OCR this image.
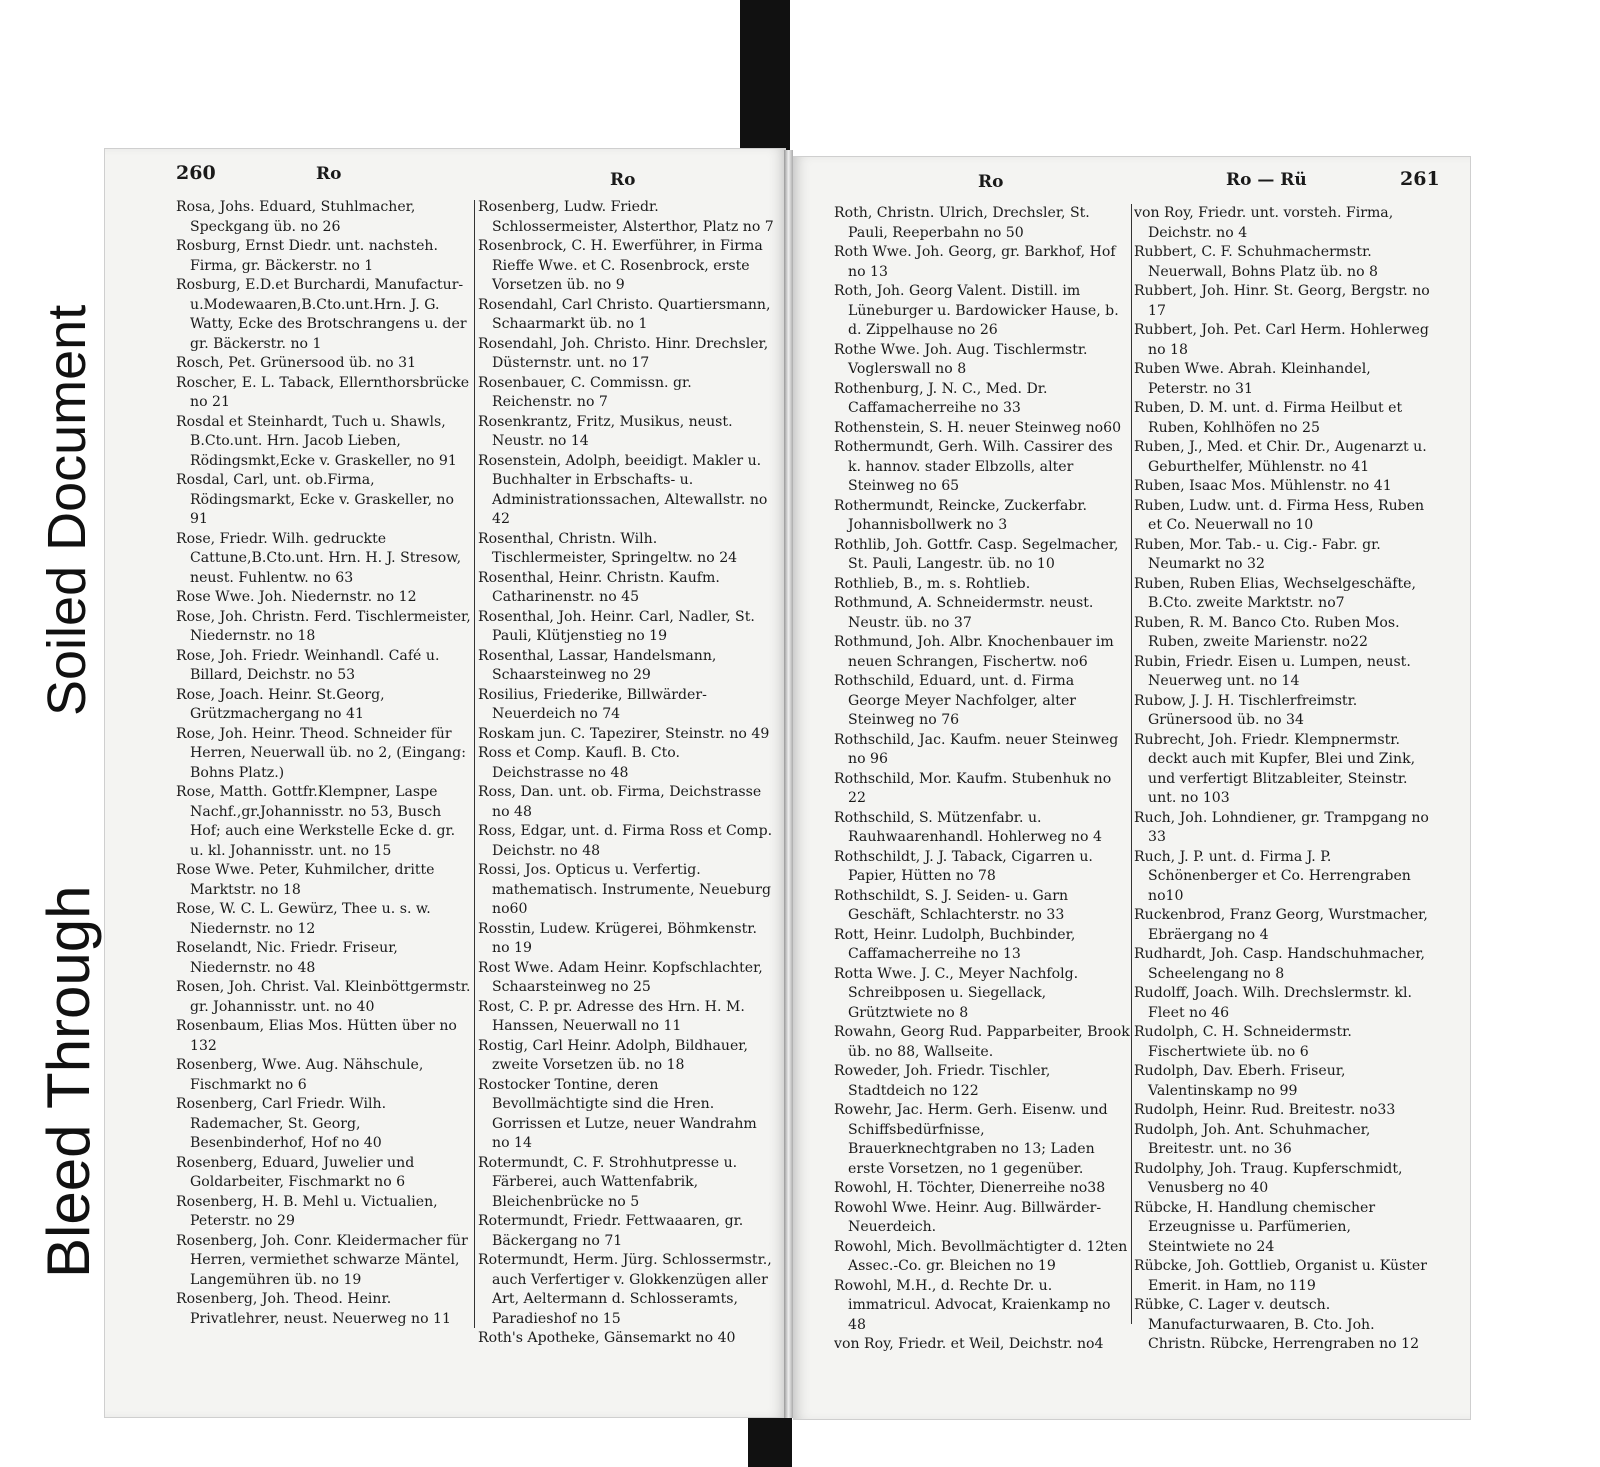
Soiled Document
Bleed Through
260	Ro	Ro
Rosa, Johs. Eduard, Stuhlmacher, Speckgang üb. no 26
Rosburg, Ernst Diedr. unt. nachsteh. Firma, gr. Bäckerstr. no 1
Rosburg, E.D.et Burchardi, Manufactur-u.Modewaaren,B.Cto.unt.Hrn. J. G. Watty, Ecke des Brotschrangens u. der gr. Bäckerstr. no 1
Rosch, Pet. Grünersood üb. no 31
Roscher, E. L. Taback, Ellernthorsbrücke no 21
Rosdal et Steinhardt, Tuch u. Shawls, B.Cto.unt. Hrn. Jacob Lieben, Rödingsmkt,Ecke v. Graskeller, no 91
Rosdal, Carl, unt. ob.Firma, Rödingsmarkt, Ecke v. Graskeller, no 91
Rose, Friedr. Wilh. gedruckte Cattune,B.Cto.unt. Hrn. H. J. Stresow, neust. Fuhlentw. no 63
Rose Wwe. Joh. Niedernstr. no 12
Rose, Joh. Christn. Ferd. Tischlermeister, Niedernstr. no 18
Rose, Joh. Friedr. Weinhandl. Café u. Billard, Deichstr. no 53
Rose, Joach. Heinr. St.Georg, Grützmachergang no 41
Rose, Joh. Heinr. Theod. Schneider für Herren, Neuerwall üb. no 2, (Eingang: Bohns Platz.)
Rose, Matth. Gottfr.Klempner, Laspe Nachf.,gr.Johannisstr. no 53, Busch Hof; auch eine Werkstelle Ecke d. gr. u. kl. Johannisstr. unt. no 15
Rose Wwe. Peter, Kuhmilcher, dritte Marktstr. no 18
Rose, W. C. L. Gewürz, Thee u. s. w. Niedernstr. no 12
Roselandt, Nic. Friedr. Friseur, Niedernstr. no 48
Rosen, Joh. Christ. Val. Kleinböttgermstr. gr. Johannisstr. unt. no 40
Rosenbaum, Elias Mos. Hütten über no 132
Rosenberg, Wwe. Aug. Nähschule, Fischmarkt no 6
Rosenberg, Carl Friedr. Wilh. Rademacher, St. Georg, Besenbinderhof, Hof no 40
Rosenberg, Eduard, Juwelier und Goldarbeiter, Fischmarkt no 6
Rosenberg, H. B. Mehl u. Victualien, Peterstr. no 29
Rosenberg, Joh. Conr. Kleidermacher für Herren, vermiethet schwarze Mäntel, Langemühren üb. no 19
Rosenberg, Joh. Theod. Heinr. Privatlehrer, neust. Neuerweg no 11
Rosenberg, Ludw. Friedr. Schlossermeister, Alsterthor, Platz no 7
Rosenbrock, C. H. Ewerführer, in Firma Rieffe Wwe. et C. Rosenbrock, erste Vorsetzen üb. no 9
Rosendahl, Carl Christo. Quartiersmann, Schaarmarkt üb. no 1
Rosendahl, Joh. Christo. Hinr. Drechsler, Düsternstr. unt. no 17
Rosenbauer, C. Commissn. gr. Reichenstr. no 7
Rosenkrantz, Fritz, Musikus, neust. Neustr. no 14
Rosenstein, Adolph, beeidigt. Makler u. Buchhalter in Erbschafts- u. Administrationssachen, Altewallstr. no 42
Rosenthal, Christn. Wilh. Tischlermeister, Springeltw. no 24
Rosenthal, Heinr. Christn. Kaufm. Catharinenstr. no 45
Rosenthal, Joh. Heinr. Carl, Nadler, St. Pauli, Klütjenstieg no 19
Rosenthal, Lassar, Handelsmann, Schaarsteinweg no 29
Rosilius, Friederike, Billwärder-Neuerdeich no 74
Roskam jun. C. Tapezirer, Steinstr. no 49
Ross et Comp. Kaufl. B. Cto. Deichstrasse no 48
Ross, Dan. unt. ob. Firma, Deichstrasse no 48
Ross, Edgar, unt. d. Firma Ross et Comp. Deichstr. no 48
Rossi, Jos. Opticus u. Verfertig. mathematisch. Instrumente, Neueburg no60
Rosstin, Ludew. Krügerei, Böhmkenstr. no 19
Rost Wwe. Adam Heinr. Kopfschlachter, Schaarsteinweg no 25
Rost, C. P. pr. Adresse des Hrn. H. M. Hanssen, Neuerwall no 11
Rostig, Carl Heinr. Adolph, Bildhauer, zweite Vorsetzen üb. no 18
Rostocker Tontine, deren Bevollmächtigte sind die Hren. Gorrissen et Lutze, neuer Wandrahm no 14
Rotermundt, C. F. Strohhutpresse u. Färberei, auch Wattenfabrik, Bleichenbrücke no 5
Rotermundt, Friedr. Fettwaaaren, gr. Bäckergang no 71
Rotermundt, Herm. Jürg. Schlossermstr., auch Verfertiger v. Glokkenzügen aller Art, Aeltermann d. Schlosseramts, Paradieshof no 15
Roth's Apotheke, Gänsemarkt no 40
Ro	Ro — Rü	261
Roth, Christn. Ulrich, Drechsler, St. Pauli, Reeperbahn no 50
Roth Wwe. Joh. Georg, gr. Barkhof, Hof no 13
Roth, Joh. Georg Valent. Distill. im Lüneburger u. Bardowicker Hause, b. d. Zippelhause no 26
Rothe Wwe. Joh. Aug. Tischlermstr. Voglerswall no 8
Rothenburg, J. N. C., Med. Dr. Caffamacherreihe no 33
Rothenstein, S. H. neuer Steinweg no60
Rothermundt, Gerh. Wilh. Cassirer des k. hannov. stader Elbzolls, alter Steinweg no 65
Rothermundt, Reincke, Zuckerfabr. Johannisbollwerk no 3
Rothlib, Joh. Gottfr. Casp. Segelmacher, St. Pauli, Langestr. üb. no 10
Rothlieb, B., m. s. Rohtlieb.
Rothmund, A. Schneidermstr. neust. Neustr. üb. no 37
Rothmund, Joh. Albr. Knochenbauer im neuen Schrangen, Fischertw. no6
Rothschild, Eduard, unt. d. Firma George Meyer Nachfolger, alter Steinweg no 76
Rothschild, Jac. Kaufm. neuer Steinweg no 96
Rothschild, Mor. Kaufm. Stubenhuk no 22
Rothschild, S. Mützenfabr. u. Rauhwaarenhandl. Hohlerweg no 4
Rothschildt, J. J. Taback, Cigarren u. Papier, Hütten no 78
Rothschildt, S. J. Seiden- u. Garn Geschäft, Schlachterstr. no 33
Rott, Heinr. Ludolph, Buchbinder, Caffamacherreihe no 13
Rotta Wwe. J. C., Meyer Nachfolg. Schreibposen u. Siegellack, Grütztwiete no 8
Rowahn, Georg Rud. Papparbeiter, Brook üb. no 88, Wallseite.
Roweder, Joh. Friedr. Tischler, Stadtdeich no 122
Rowehr, Jac. Herm. Gerh. Eisenw. und Schiffsbedürfnisse, Brauerknechtgraben no 13; Laden erste Vorsetzen, no 1 gegenüber.
Rowohl, H. Töchter, Dienerreihe no38
Rowohl Wwe. Heinr. Aug. Billwärder-Neuerdeich.
Rowohl, Mich. Bevollmächtigter d. 12ten Assec.-Co. gr. Bleichen no 19
Rowohl, M.H., d. Rechte Dr. u. immatricul. Advocat, Kraienkamp no 48
von Roy, Friedr. et Weil, Deichstr. no4
von Roy, Friedr. unt. vorsteh. Firma, Deichstr. no 4
Rubbert, C. F. Schuhmachermstr. Neuerwall, Bohns Platz üb. no 8
Rubbert, Joh. Hinr. St. Georg, Bergstr. no 17
Rubbert, Joh. Pet. Carl Herm. Hohlerweg no 18
Ruben Wwe. Abrah. Kleinhandel, Peterstr. no 31
Ruben, D. M. unt. d. Firma Heilbut et Ruben, Kohlhöfen no 25
Ruben, J., Med. et Chir. Dr., Augenarzt u. Geburthelfer, Mühlenstr. no 41
Ruben, Isaac Mos. Mühlenstr. no 41
Ruben, Ludw. unt. d. Firma Hess, Ruben et Co. Neuerwall no 10
Ruben, Mor. Tab.- u. Cig.- Fabr. gr. Neumarkt no 32
Ruben, Ruben Elias, Wechselgeschäfte, B.Cto. zweite Marktstr. no7
Ruben, R. M. Banco Cto. Ruben Mos. Ruben, zweite Marienstr. no22
Rubin, Friedr. Eisen u. Lumpen, neust. Neuerweg unt. no 14
Rubow, J. J. H. Tischlerfreimstr. Grünersood üb. no 34
Rubrecht, Joh. Friedr. Klempnermstr. deckt auch mit Kupfer, Blei und Zink, und verfertigt Blitzableiter, Steinstr. unt. no 103
Ruch, Joh. Lohndiener, gr. Trampgang no 33
Ruch, J. P. unt. d. Firma J. P. Schönenberger et Co. Herrengraben no10
Ruckenbrod, Franz Georg, Wurstmacher, Ebräergang no 4
Rudhardt, Joh. Casp. Handschuhmacher, Scheelengang no 8
Rudolff, Joach. Wilh. Drechslermstr. kl. Fleet no 46
Rudolph, C. H. Schneidermstr. Fischertwiete üb. no 6
Rudolph, Dav. Eberh. Friseur, Valentinskamp no 99
Rudolph, Heinr. Rud. Breitestr. no33
Rudolph, Joh. Ant. Schuhmacher, Breitestr. unt. no 36
Rudolphy, Joh. Traug. Kupferschmidt, Venusberg no 40
Rübcke, H. Handlung chemischer Erzeugnisse u. Parfümerien, Steintwiete no 24
Rübcke, Joh. Gottlieb, Organist u. Küster Emerit. in Ham, no 119
Rübke, C. Lager v. deutsch. Manufacturwaaren, B. Cto. Joh. Christn. Rübcke, Herrengraben no 12
